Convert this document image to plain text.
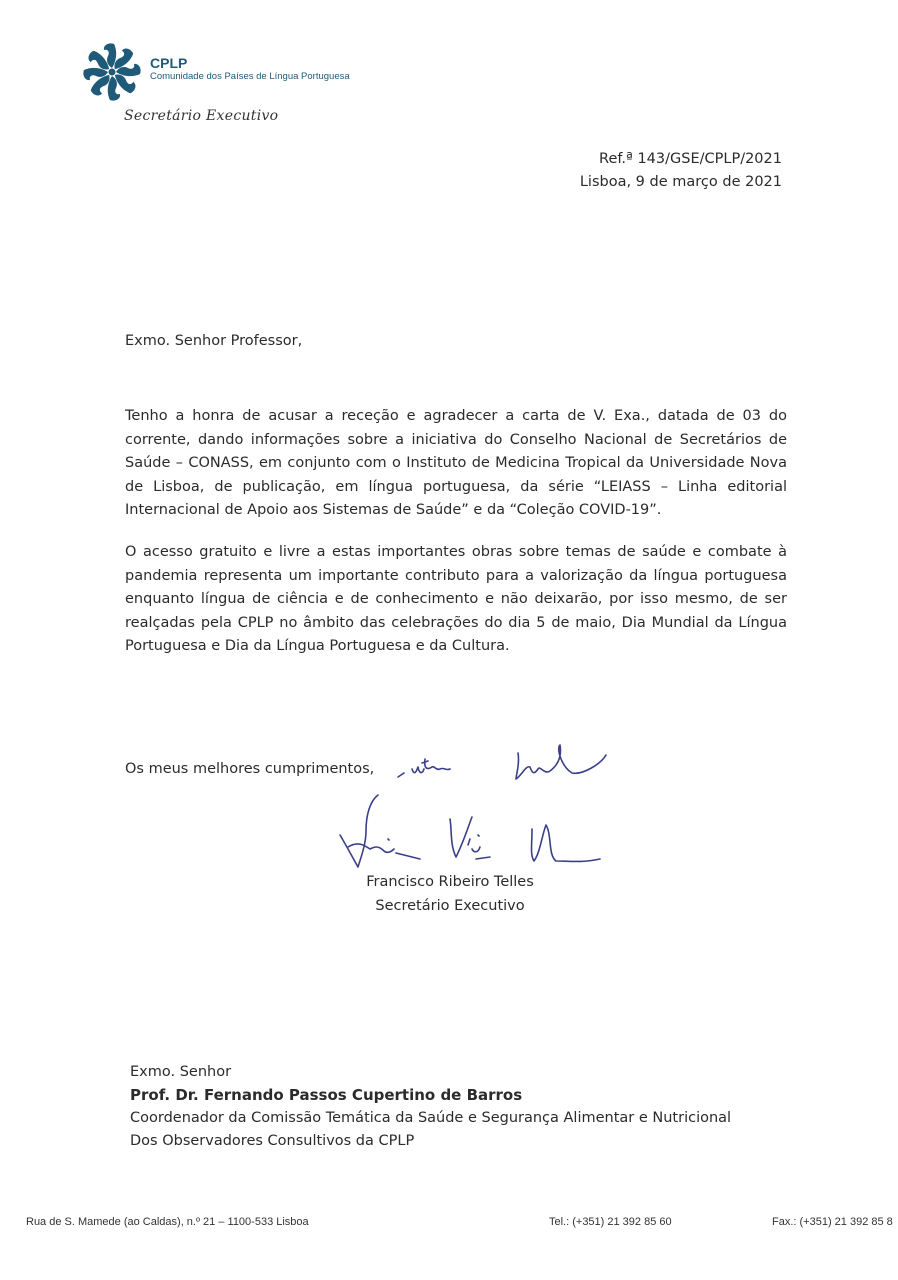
CPLP
Comunidade dos Países de Língua Portuguesa
Secretário Executivo
Ref.ª 143/GSE/CPLP/2021
Lisboa, 9 de março de 2021
Exmo. Senhor Professor,
Tenho a honra de acusar a receção e agradecer a carta de V. Exa., datada de 03 do corrente, dando informações sobre a iniciativa do Conselho Nacional de Secretários de Saúde – CONASS, em conjunto com o Instituto de Medicina Tropical da Universidade Nova de Lisboa, de publicação, em língua portuguesa, da série “LEIASS – Linha editorial Internacional de Apoio aos Sistemas de Saúde” e da “Coleção COVID-19”.
O acesso gratuito e livre a estas importantes obras sobre temas de saúde e combate à pandemia representa um importante contributo para a valorização da língua portuguesa enquanto língua de ciência e de conhecimento e não deixarão, por isso mesmo, de ser realçadas pela CPLP no âmbito das celebrações do dia 5 de maio, Dia Mundial da Língua Portuguesa e Dia da Língua Portuguesa e da Cultura.
Os meus melhores cumprimentos,
Francisco Ribeiro Telles
Secretário Executivo
Exmo. Senhor
Prof. Dr. Fernando Passos Cupertino de Barros
Coordenador da Comissão Temática da Saúde e Segurança Alimentar e Nutricional
Dos Observadores Consultivos da CPLP
Rua de S. Mamede (ao Caldas), n.º 21 – 1100-533 Lisboa	Tel.: (+351) 21 392 85 60	Fax.: (+351) 21 392 85 8
